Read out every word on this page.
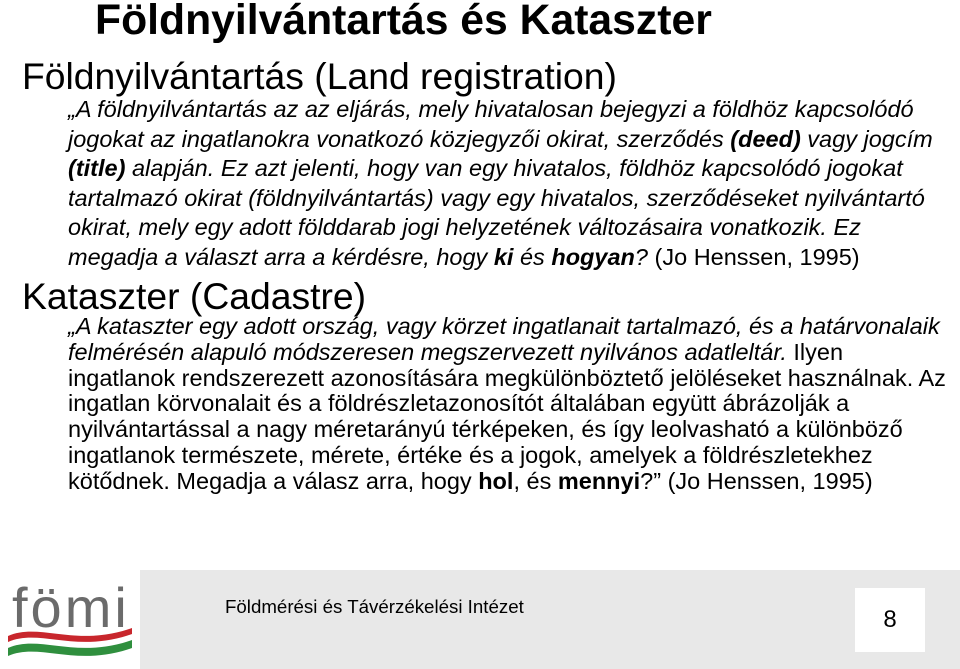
Földnyilvántartás és Kataszter
Földnyilvántartás (Land registration)
„A földnyilvántartás az az eljárás, mely hivatalosan bejegyzi a földhöz kapcsolódó
jogokat az ingatlanokra vonatkozó közjegyzői okirat, szerződés (deed) vagy jogcím
(title) alapján. Ez azt jelenti, hogy van egy hivatalos, földhöz kapcsolódó jogokat
tartalmazó okirat (földnyilvántartás) vagy egy hivatalos, szerződéseket nyilvántartó
okirat, mely egy adott földdarab jogi helyzetének változásaira vonatkozik. Ez
megadja a választ arra a kérdésre, hogy ki és hogyan? (Jo Henssen, 1995)
Kataszter (Cadastre)
„A kataszter egy adott ország, vagy körzet ingatlanait tartalmazó, és a határvonalaik
felmérésén alapuló módszeresen megszervezett nyilvános adatleltár. Ilyen
ingatlanok rendszerezett azonosítására megkülönböztető jelöléseket használnak. Az
ingatlan körvonalait és a földrészletazonosítót általában együtt ábrázolják a
nyilvántartással a nagy méretarányú térképeken, és így leolvasható a különböző
ingatlanok természete, mérete, értéke és a jogok, amelyek a földrészletekhez
kötődnek. Megadja a válasz arra, hogy hol, és mennyi?” (Jo Henssen, 1995)
8
fömi	Földmérési és Távérzékelési Intézet
